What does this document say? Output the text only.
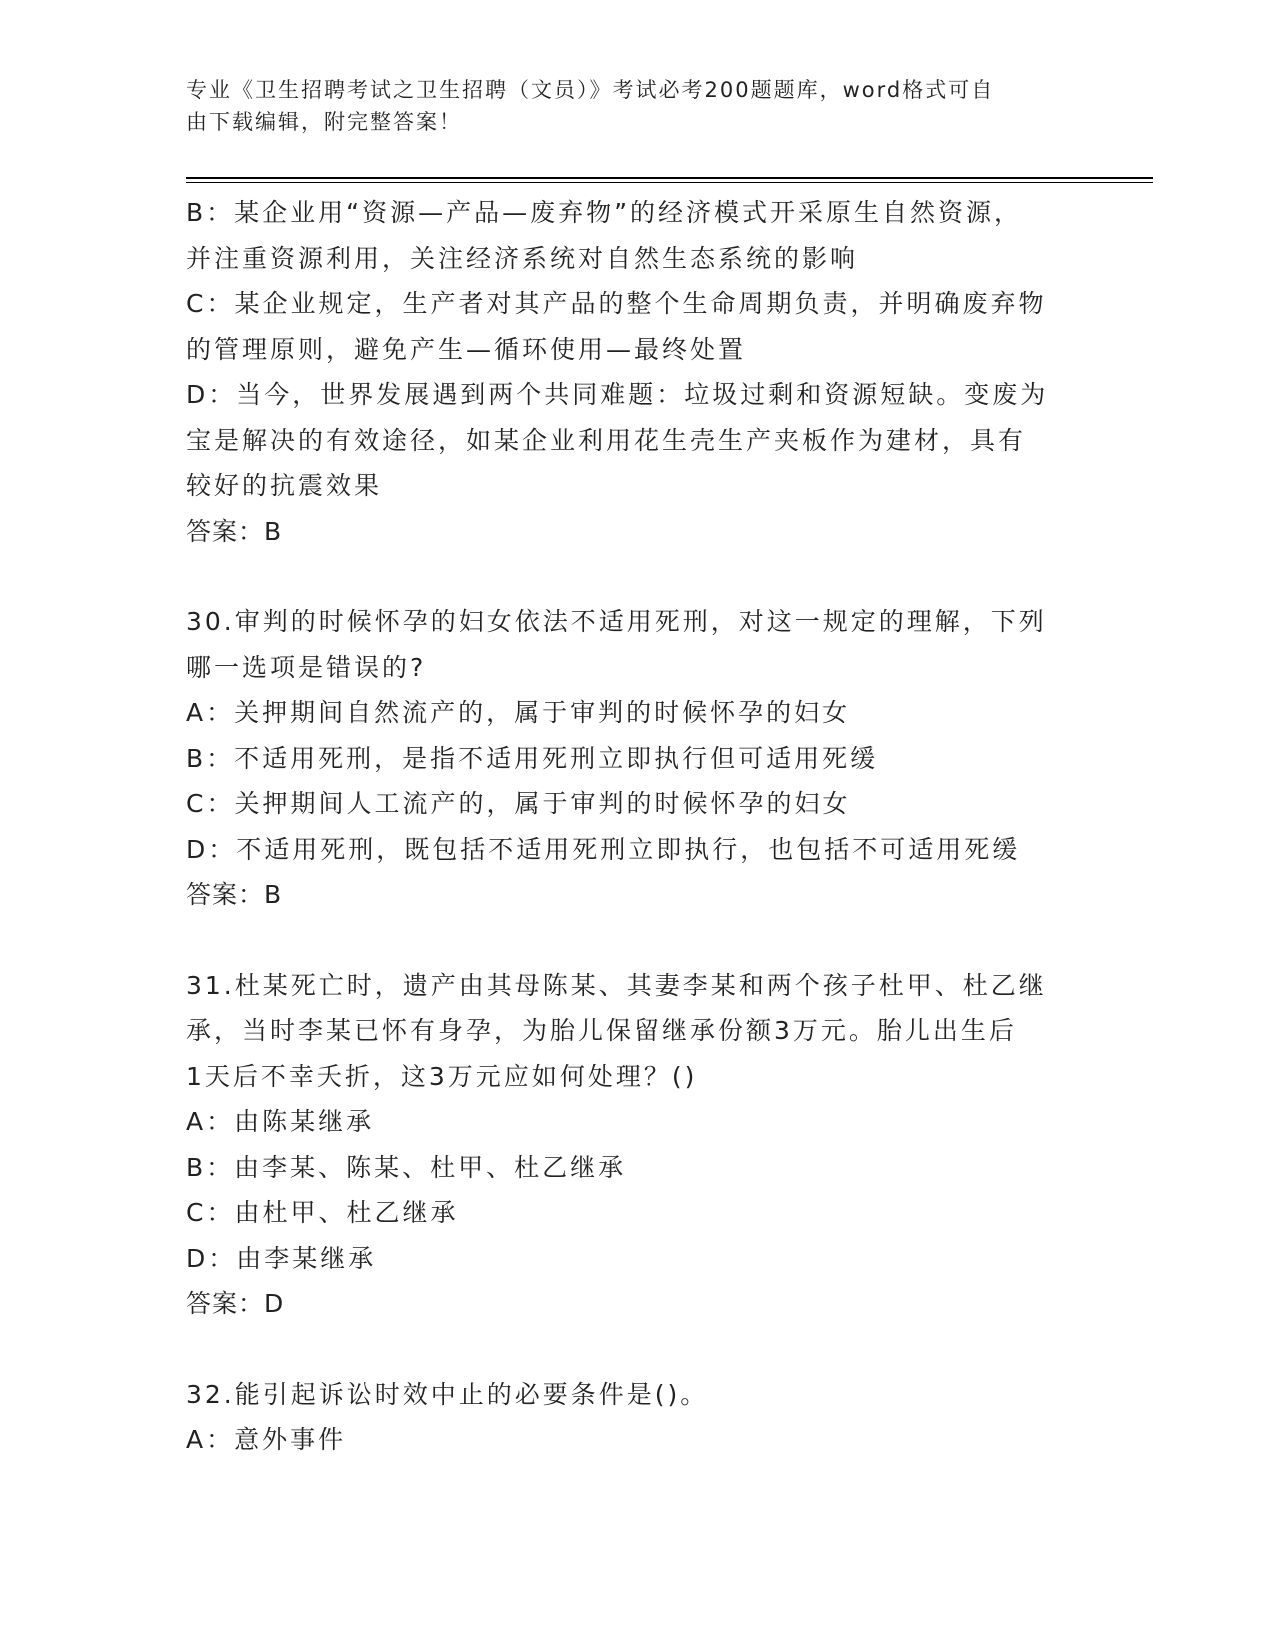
专业《卫生招聘考试之卫生招聘（文员）》考试必考200题题库，word格式可自
由下载编辑，附完整答案！
B：某企业用“资源—产品—废弃物”的经济模式开采原生自然资源，
并注重资源利用，关注经济系统对自然生态系统的影响
C：某企业规定，生产者对其产品的整个生命周期负责，并明确废弃物
的管理原则，避免产生—循环使用—最终处置
D：当今，世界发展遇到两个共同难题：垃圾过剩和资源短缺。变废为
宝是解决的有效途径，如某企业利用花生壳生产夹板作为建材，具有
较好的抗震效果
答案：B
30.审判的时候怀孕的妇女依法不适用死刑，对这一规定的理解，下列
哪一选项是错误的?
A：关押期间自然流产的，属于审判的时候怀孕的妇女
B：不适用死刑，是指不适用死刑立即执行但可适用死缓
C：关押期间人工流产的，属于审判的时候怀孕的妇女
D：不适用死刑，既包括不适用死刑立即执行，也包括不可适用死缓
答案：B
31.杜某死亡时，遗产由其母陈某、其妻李某和两个孩子杜甲、杜乙继
承，当时李某已怀有身孕，为胎儿保留继承份额3万元。胎儿出生后
1天后不幸夭折，这3万元应如何处理？()
A：由陈某继承
B：由李某、陈某、杜甲、杜乙继承
C：由杜甲、杜乙继承
D：由李某继承
答案：D
32.能引起诉讼时效中止的必要条件是()。
A：意外事件
